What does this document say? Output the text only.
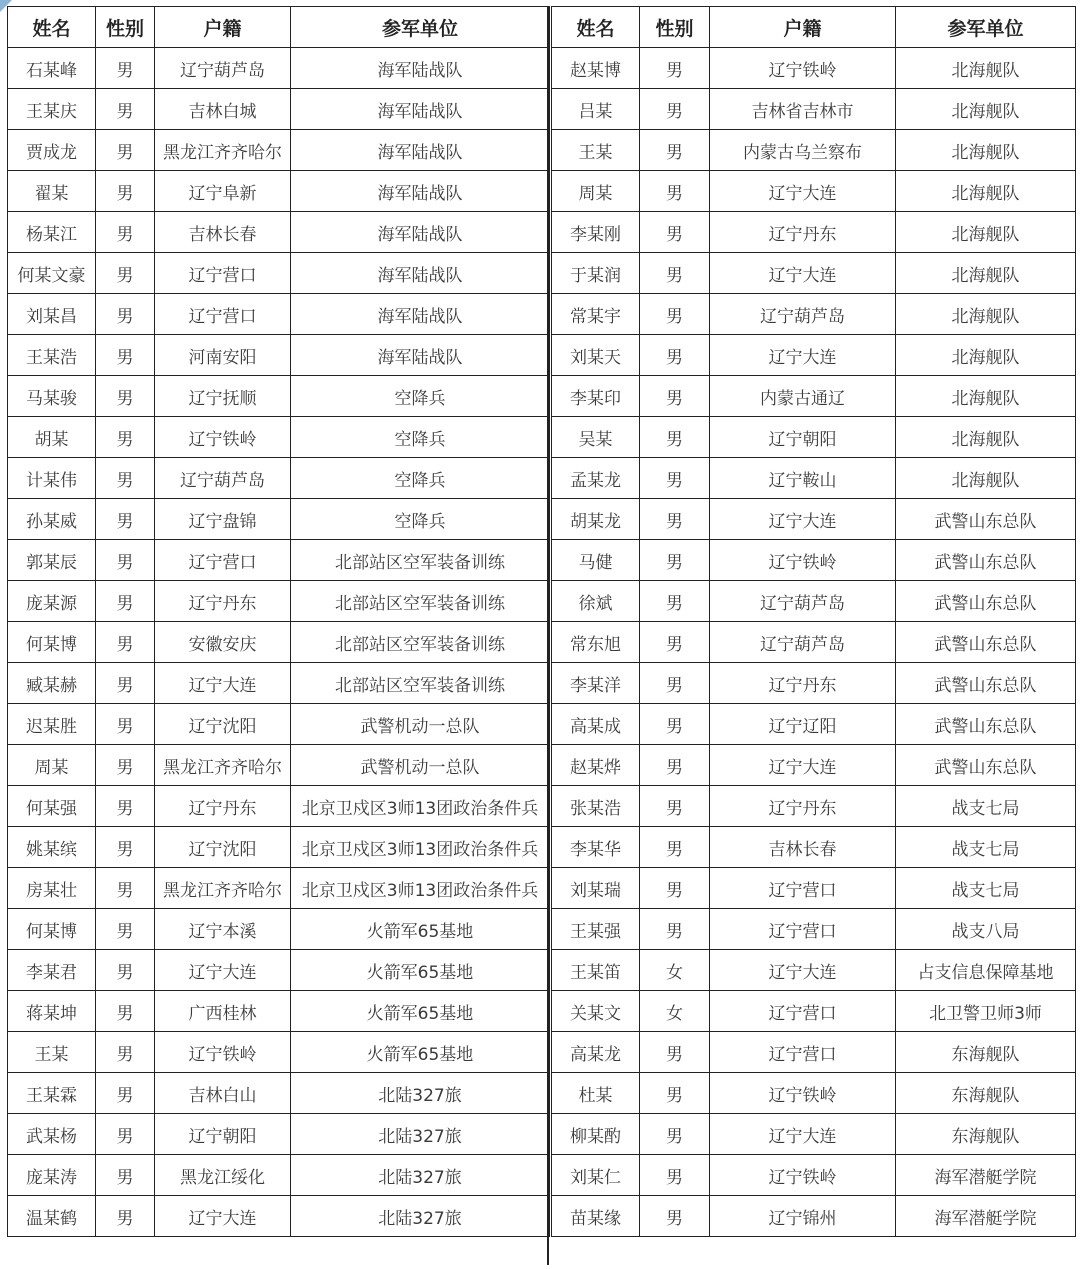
姓名	性别	户籍	参军单位
石某峰	男	辽宁葫芦岛	海军陆战队
王某庆	男	吉林白城	海军陆战队
贾成龙	男	黑龙江齐齐哈尔	海军陆战队
翟某	男	辽宁阜新	海军陆战队
杨某江	男	吉林长春	海军陆战队
何某文豪	男	辽宁营口	海军陆战队
刘某昌	男	辽宁营口	海军陆战队
王某浩	男	河南安阳	海军陆战队
马某骏	男	辽宁抚顺	空降兵
胡某	男	辽宁铁岭	空降兵
计某伟	男	辽宁葫芦岛	空降兵
孙某威	男	辽宁盘锦	空降兵
郭某辰	男	辽宁营口	北部站区空军装备训练
庞某源	男	辽宁丹东	北部站区空军装备训练
何某博	男	安徽安庆	北部站区空军装备训练
臧某赫	男	辽宁大连	北部站区空军装备训练
迟某胜	男	辽宁沈阳	武警机动一总队
周某	男	黑龙江齐齐哈尔	武警机动一总队
何某强	男	辽宁丹东	北京卫戍区3师13团政治条件兵
姚某缤	男	辽宁沈阳	北京卫戍区3师13团政治条件兵
房某壮	男	黑龙江齐齐哈尔	北京卫戍区3师13团政治条件兵
何某博	男	辽宁本溪	火箭军65基地
李某君	男	辽宁大连	火箭军65基地
蒋某坤	男	广西桂林	火箭军65基地
王某	男	辽宁铁岭	火箭军65基地
王某霖	男	吉林白山	北陆327旅
武某杨	男	辽宁朝阳	北陆327旅
庞某涛	男	黑龙江绥化	北陆327旅
温某鹤	男	辽宁大连	北陆327旅
姓名	性别	户籍	参军单位
赵某博	男	辽宁铁岭	北海舰队
吕某	男	吉林省吉林市	北海舰队
王某	男	内蒙古乌兰察布	北海舰队
周某	男	辽宁大连	北海舰队
李某刚	男	辽宁丹东	北海舰队
于某润	男	辽宁大连	北海舰队
常某宇	男	辽宁葫芦岛	北海舰队
刘某天	男	辽宁大连	北海舰队
李某印	男	内蒙古通辽	北海舰队
吴某	男	辽宁朝阳	北海舰队
孟某龙	男	辽宁鞍山	北海舰队
胡某龙	男	辽宁大连	武警山东总队
马健	男	辽宁铁岭	武警山东总队
徐斌	男	辽宁葫芦岛	武警山东总队
常东旭	男	辽宁葫芦岛	武警山东总队
李某洋	男	辽宁丹东	武警山东总队
高某成	男	辽宁辽阳	武警山东总队
赵某烨	男	辽宁大连	武警山东总队
张某浩	男	辽宁丹东	战支七局
李某华	男	吉林长春	战支七局
刘某瑞	男	辽宁营口	战支七局
王某强	男	辽宁营口	战支八局
王某笛	女	辽宁大连	占支信息保障基地
关某文	女	辽宁营口	北卫警卫师3师
高某龙	男	辽宁营口	东海舰队
杜某	男	辽宁铁岭	东海舰队
柳某酌	男	辽宁大连	东海舰队
刘某仁	男	辽宁铁岭	海军潜艇学院
苗某缘	男	辽宁锦州	海军潜艇学院
